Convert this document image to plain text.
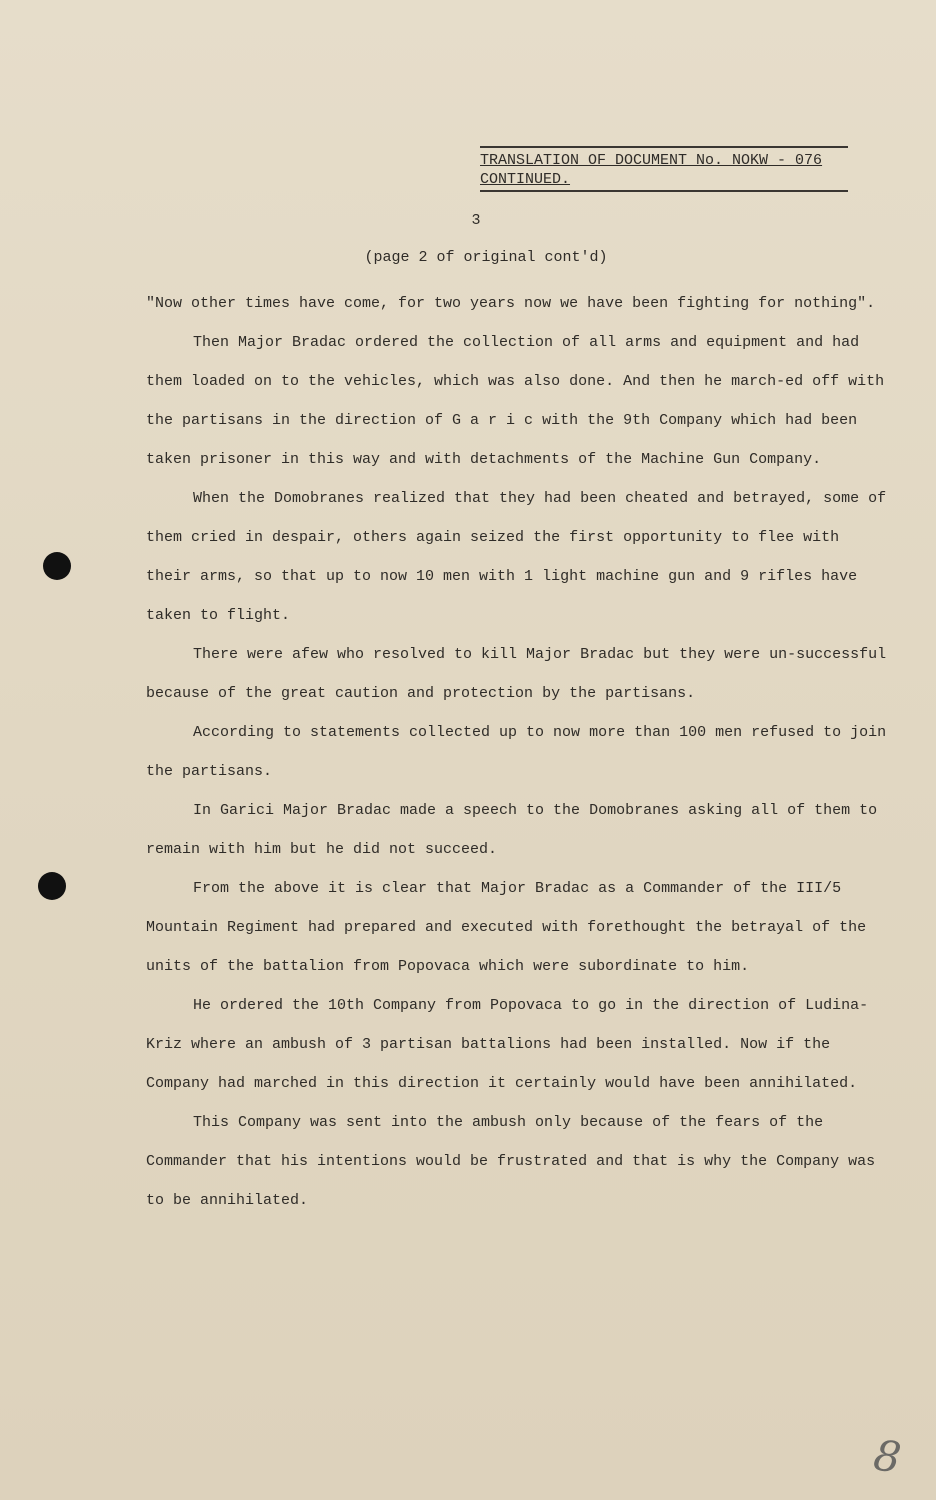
TRANSLATION OF DOCUMENT No. NOKW - 076
CONTINUED.
3
(page 2 of original cont'd)

"Now other times have come, for two years now we have been fighting for nothing".

Then Major Bradac ordered the collection of all arms and equipment and had them loaded on to the vehicles, which was also done. And then he march-ed off with the partisans in the direction of G a r i c with the 9th Company which had been taken prisoner in this way and with detachments of the Machine Gun Company.

When the Domobranes realized that they had been cheated and betrayed, some of them cried in despair, others again seized the first opportunity to flee with their arms, so that up to now 10 men with 1 light machine gun and 9 rifles have taken to flight.

There were afew who resolved to kill Major Bradac but they were un-successful because of the great caution and protection by the partisans.

According to statements collected up to now more than 100 men refused to join the partisans.

In Garici Major Bradac made a speech to the Domobranes asking all of them to remain with him but he did not succeed.

From the above it is clear that Major Bradac as a Commander of the III/5 Mountain Regiment had prepared and executed with forethought the betrayal of the units of the battalion from Popovaca which were subordinate to him.

He ordered the 10th Company from Popovaca to go in the direction of Ludina-Kriz where an ambush of 3 partisan battalions had been installed. Now if the Company had marched in this direction it certainly would have been annihilated.

This Company was sent into the ambush only because of the fears of the Commander that his intentions would be frustrated and that is why the Company was to be annihilated.

8
